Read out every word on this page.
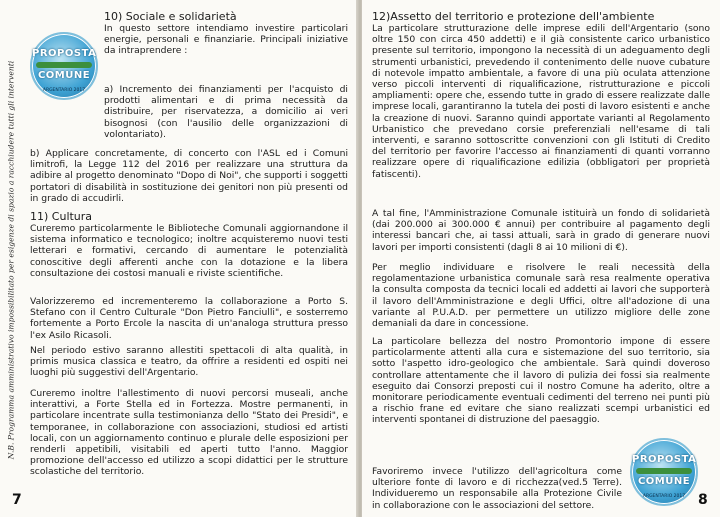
PROPOSTA
COMUNE
ARGENTARIO 2017
N.B. Programma amministrativo impossibilitato per esigenze di spazio a racchiudere tutti gli interventi
10) Sociale e solidarietà

In questo settore intendiamo investire particolari energie, personali e finanziarie. Principali iniziative da intraprendere :

a) Incremento dei finanziamenti per l'acquisto di prodotti alimentari e di prima necessità da distribuire, per riservatezza, a domicilio ai veri bisognosi (con l'ausilio delle organizzazioni di volontariato).

b) Applicare concretamente, di concerto con l'ASL ed i Comuni limitrofi, la Legge 112 del 2016 per realizzare una struttura da adibire al progetto denominato "Dopo di Noi", che supporti i soggetti portatori di disabilità in sostituzione dei genitori non più presenti od in grado di accudirli.

11) Cultura

Cureremo particolarmente le Biblioteche Comunali aggiornandone il sistema informatico e tecnologico; inoltre acquisteremo nuovi testi letterari e formativi, cercando di aumentare le potenzialità conoscitive degli afferenti anche con la dotazione e la libera consultazione dei costosi manuali e riviste scientifiche.

Valorizzeremo ed incrementeremo la collaborazione a Porto S. Stefano con il Centro Culturale "Don Pietro Fanciulli", e sosterremo fortemente a Porto Ercole la nascita di un'analoga struttura presso l'ex Asilo Ricasoli.

Nel periodo estivo saranno allestiti spettacoli di alta qualità, in primis musica classica e teatro, da offrire a residenti ed ospiti nei luoghi più suggestivi dell'Argentario.

Cureremo inoltre l'allestimento di nuovi percorsi museali, anche interattivi, a Forte Stella ed in Fortezza. Mostre permanenti, in particolare incentrate sulla testimonianza dello "Stato dei Presidi", e temporanee, in collaborazione con associazioni, studiosi ed artisti locali, con un aggiornamento continuo e plurale delle esposizioni per renderli appetibili, visitabili ed aperti tutto l'anno. Maggior promozione dell'accesso ed utilizzo a scopi didattici per le strutture scolastiche del territorio.

7
12)Assetto del territorio e protezione dell'ambiente

La particolare strutturazione delle imprese edili dell'Argentario (sono oltre 150 con circa 450 addetti) e il già consistente carico urbanistico presente sul territorio, impongono la necessità di un adeguamento degli strumenti urbanistici, prevedendo il contenimento delle nuove cubature di notevole impatto ambientale, a favore di una più oculata attenzione verso piccoli interventi di riqualificazione, ristrutturazione e piccoli ampliamenti: opere che, essendo tutte in grado di essere realizzate dalle imprese locali, garantiranno la tutela dei posti di lavoro esistenti e anche la creazione di nuovi. Saranno quindi apportate varianti al Regolamento Urbanistico che prevedano corsie preferenziali nell'esame di tali interventi, e saranno sottoscritte convenzioni con gli Istituti di Credito del territorio per favorire l'accesso ai finanziamenti di quanti vorranno realizzare opere di riqualificazione edilizia (obbligatori per proprietà fatiscenti).

A tal fine, l'Amministrazione Comunale istituirà un fondo di solidarietà (dai 200.000 ai 300.000 € annui) per contribuire al pagamento degli interessi bancari che, ai tassi attuali, sarà in grado di generare nuovi lavori per importi consistenti (dagli 8 ai 10 milioni di €).

Per meglio individuare e risolvere le reali necessità della regolamentazione urbanistica comunale sarà resa realmente operativa la consulta composta da tecnici locali ed addetti ai lavori che supporterà il lavoro dell'Amministrazione e degli Uffici, oltre all'adozione di una variante al P.U.A.D. per permettere un utilizzo migliore delle zone demaniali da dare in concessione.

La particolare bellezza del nostro Promontorio impone di essere particolarmente attenti alla cura e sistemazione del suo territorio, sia sotto l'aspetto idro-geologico che ambientale. Sarà quindi doveroso controllare attentamente che il lavoro di pulizia dei fossi sia realmente eseguito dai Consorzi preposti cui il nostro Comune ha aderito, oltre a monitorare periodicamente eventuali cedimenti del terreno nei punti più a rischio frane ed evitare che siano realizzati scempi urbanistici ed interventi spontanei di distruzione del paesaggio.

Favoriremo invece l'utilizzo dell'agricoltura come ulteriore fonte di lavoro e di ricchezza(ved.5 Terre). Individueremo un responsabile alla Protezione Civile in collaborazione con le associazioni del settore.

PROPOSTA
COMUNE
ARGENTARIO 2017 8
